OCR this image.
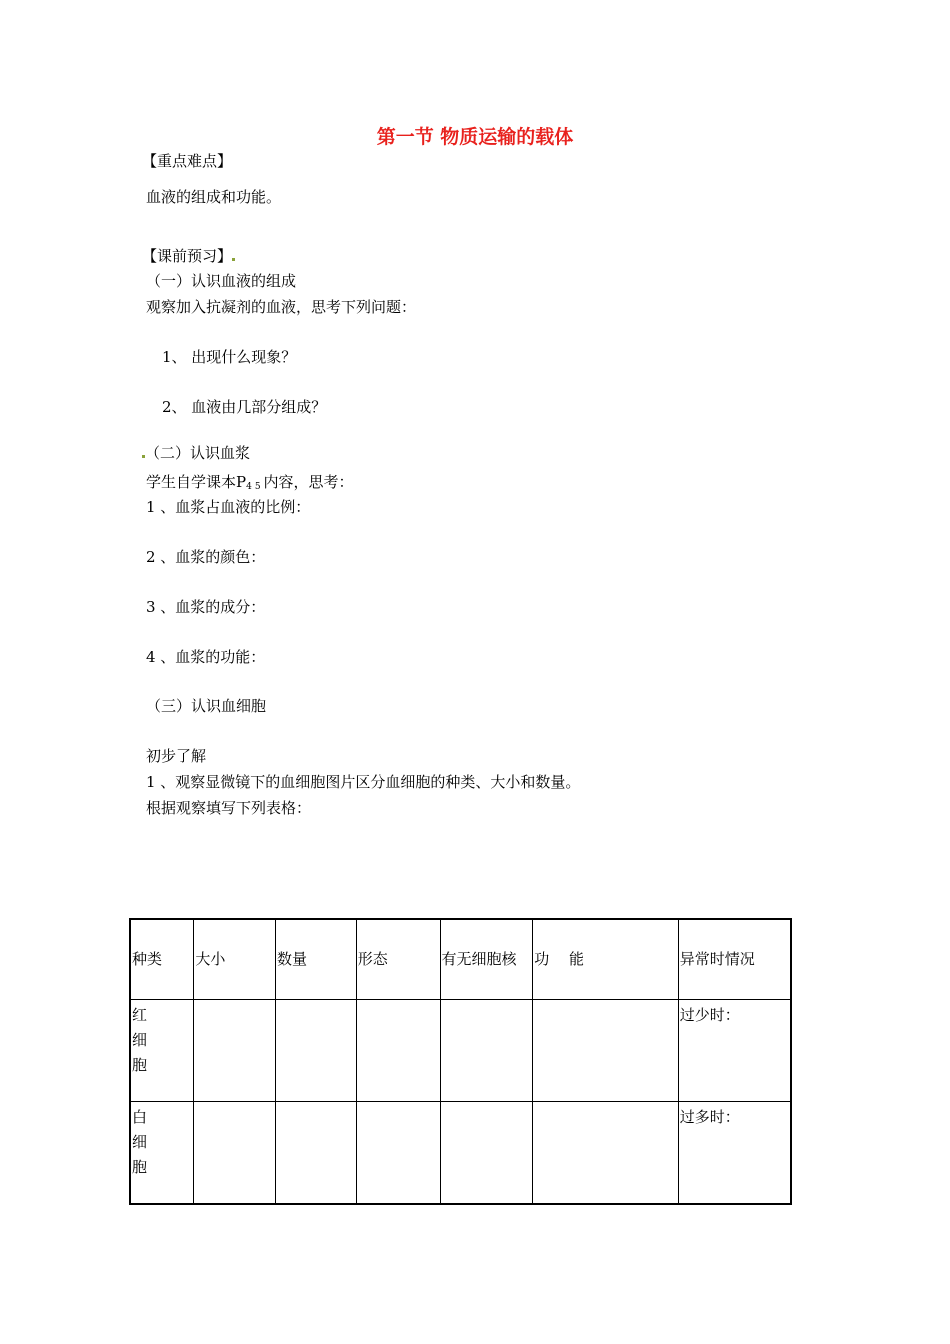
第一节 物质运输的载体
【重点难点】
血液的组成和功能。
【课前预习】
（一）认识血液的组成
观察加入抗凝剂的血液，思考下列问题：
1、 出现什么现象？
2、 血液由几部分组成？
（二）认识血浆
学生自学课本$P_{45}$内容，思考：
1 、血浆占血液的比例：
2 、血浆的颜色：
3 、血浆的成分：
4 、血浆的功能：
（三）认识血细胞
初步了解
1 、观察显微镜下的血细胞图片区分血细胞的种类、大小和数量。
根据观察填写下列表格：
种类	大小	数量	形态	有无细胞核	功　 能	异常时情况

红细胞						过少时：

白细胞						过多时：
